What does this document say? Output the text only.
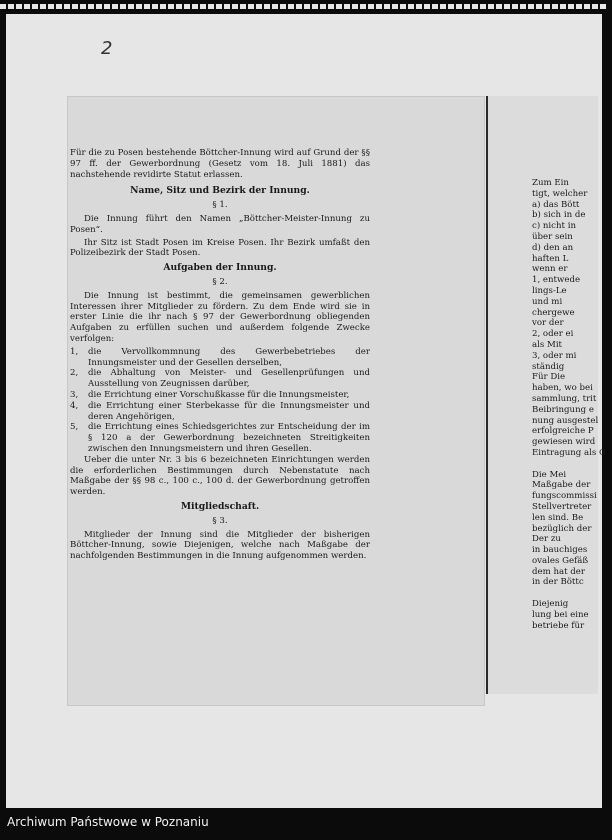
2

Für die zu Posen bestehende Böttcher-Innung wird auf Grund der §§ 97 ff. der Gewerbordnung (Gesetz vom 18. Juli 1881) das nachstehende revidirte Statut erlassen.

Name, Sitz und Bezirk der Innung.
§ 1.

Die Innung führt den Namen „Böttcher-Meister-Innung zu Posen“.

Ihr Sitz ist Stadt Posen im Kreise Posen. Ihr Bezirk umfaßt den Polizeibezirk der Stadt Posen.

Aufgaben der Innung.
§ 2.

Die Innung ist bestimmt, die gemeinsamen gewerblichen Interessen ihrer Mitglieder zu fördern. Zu dem Ende wird sie in erster Linie die ihr nach § 97 der Gewerbordnung obliegenden Aufgaben zu erfüllen suchen und außerdem folgende Zwecke verfolgen:

1, die Vervollkommnung des Gewerbebetriebes der Innungsmeister und der Gesellen derselben,
2, die Abhaltung von Meister- und Gesellenprüfungen und Ausstellung von Zeugnissen darüber,
3, die Errichtung einer Vorschußkasse für die Innungsmeister,
4, die Errichtung einer Sterbekasse für die Innungsmeister und deren Angehörigen,
5, die Errichtung eines Schiedsgerichtes zur Entscheidung der im § 120 a der Gewerbordnung bezeichneten Streitigkeiten zwischen den Innungsmeistern und ihren Gesellen.

Ueber die unter Nr. 3 bis 6 bezeichneten Einrichtungen werden die erforderlichen Bestimmungen durch Nebenstatute nach Maßgabe der §§ 98 c., 100 c., 100 d. der Gewerbordnung getroffen werden.

Mitgliedschaft.
§ 3.

Mitglieder der Innung sind die Mitglieder der bisherigen Böttcher-Innung, sowie Diejenigen, welche nach Maßgabe der nachfolgenden Bestimmungen in die Innung aufgenommen werden.

Zum Ein
tigt, welcher
a) das Bött
b) sich in de
c) nicht in
über sein
d) den an
haften L
wenn er
1, entwede
lings-Le
und mi
chergewe
vor der
2, oder ei
als Mit
3, oder mi
ständig
Für Die
haben, wo bei
sammlung, trit
Beibringung e
nung ausgestel
erfolgreiche P
gewiesen wird
Eintragung als G

Die Mei
Maßgabe der
fungscommissi
Stellvertreter
len sind. Be
bezüglich der
Der zu
in bauchiges
ovales Gefäß
dem hat der
in der Böttc

Diejenig
lung bei eine
betriebe für
Archiwum Państwowe w Poznaniu
